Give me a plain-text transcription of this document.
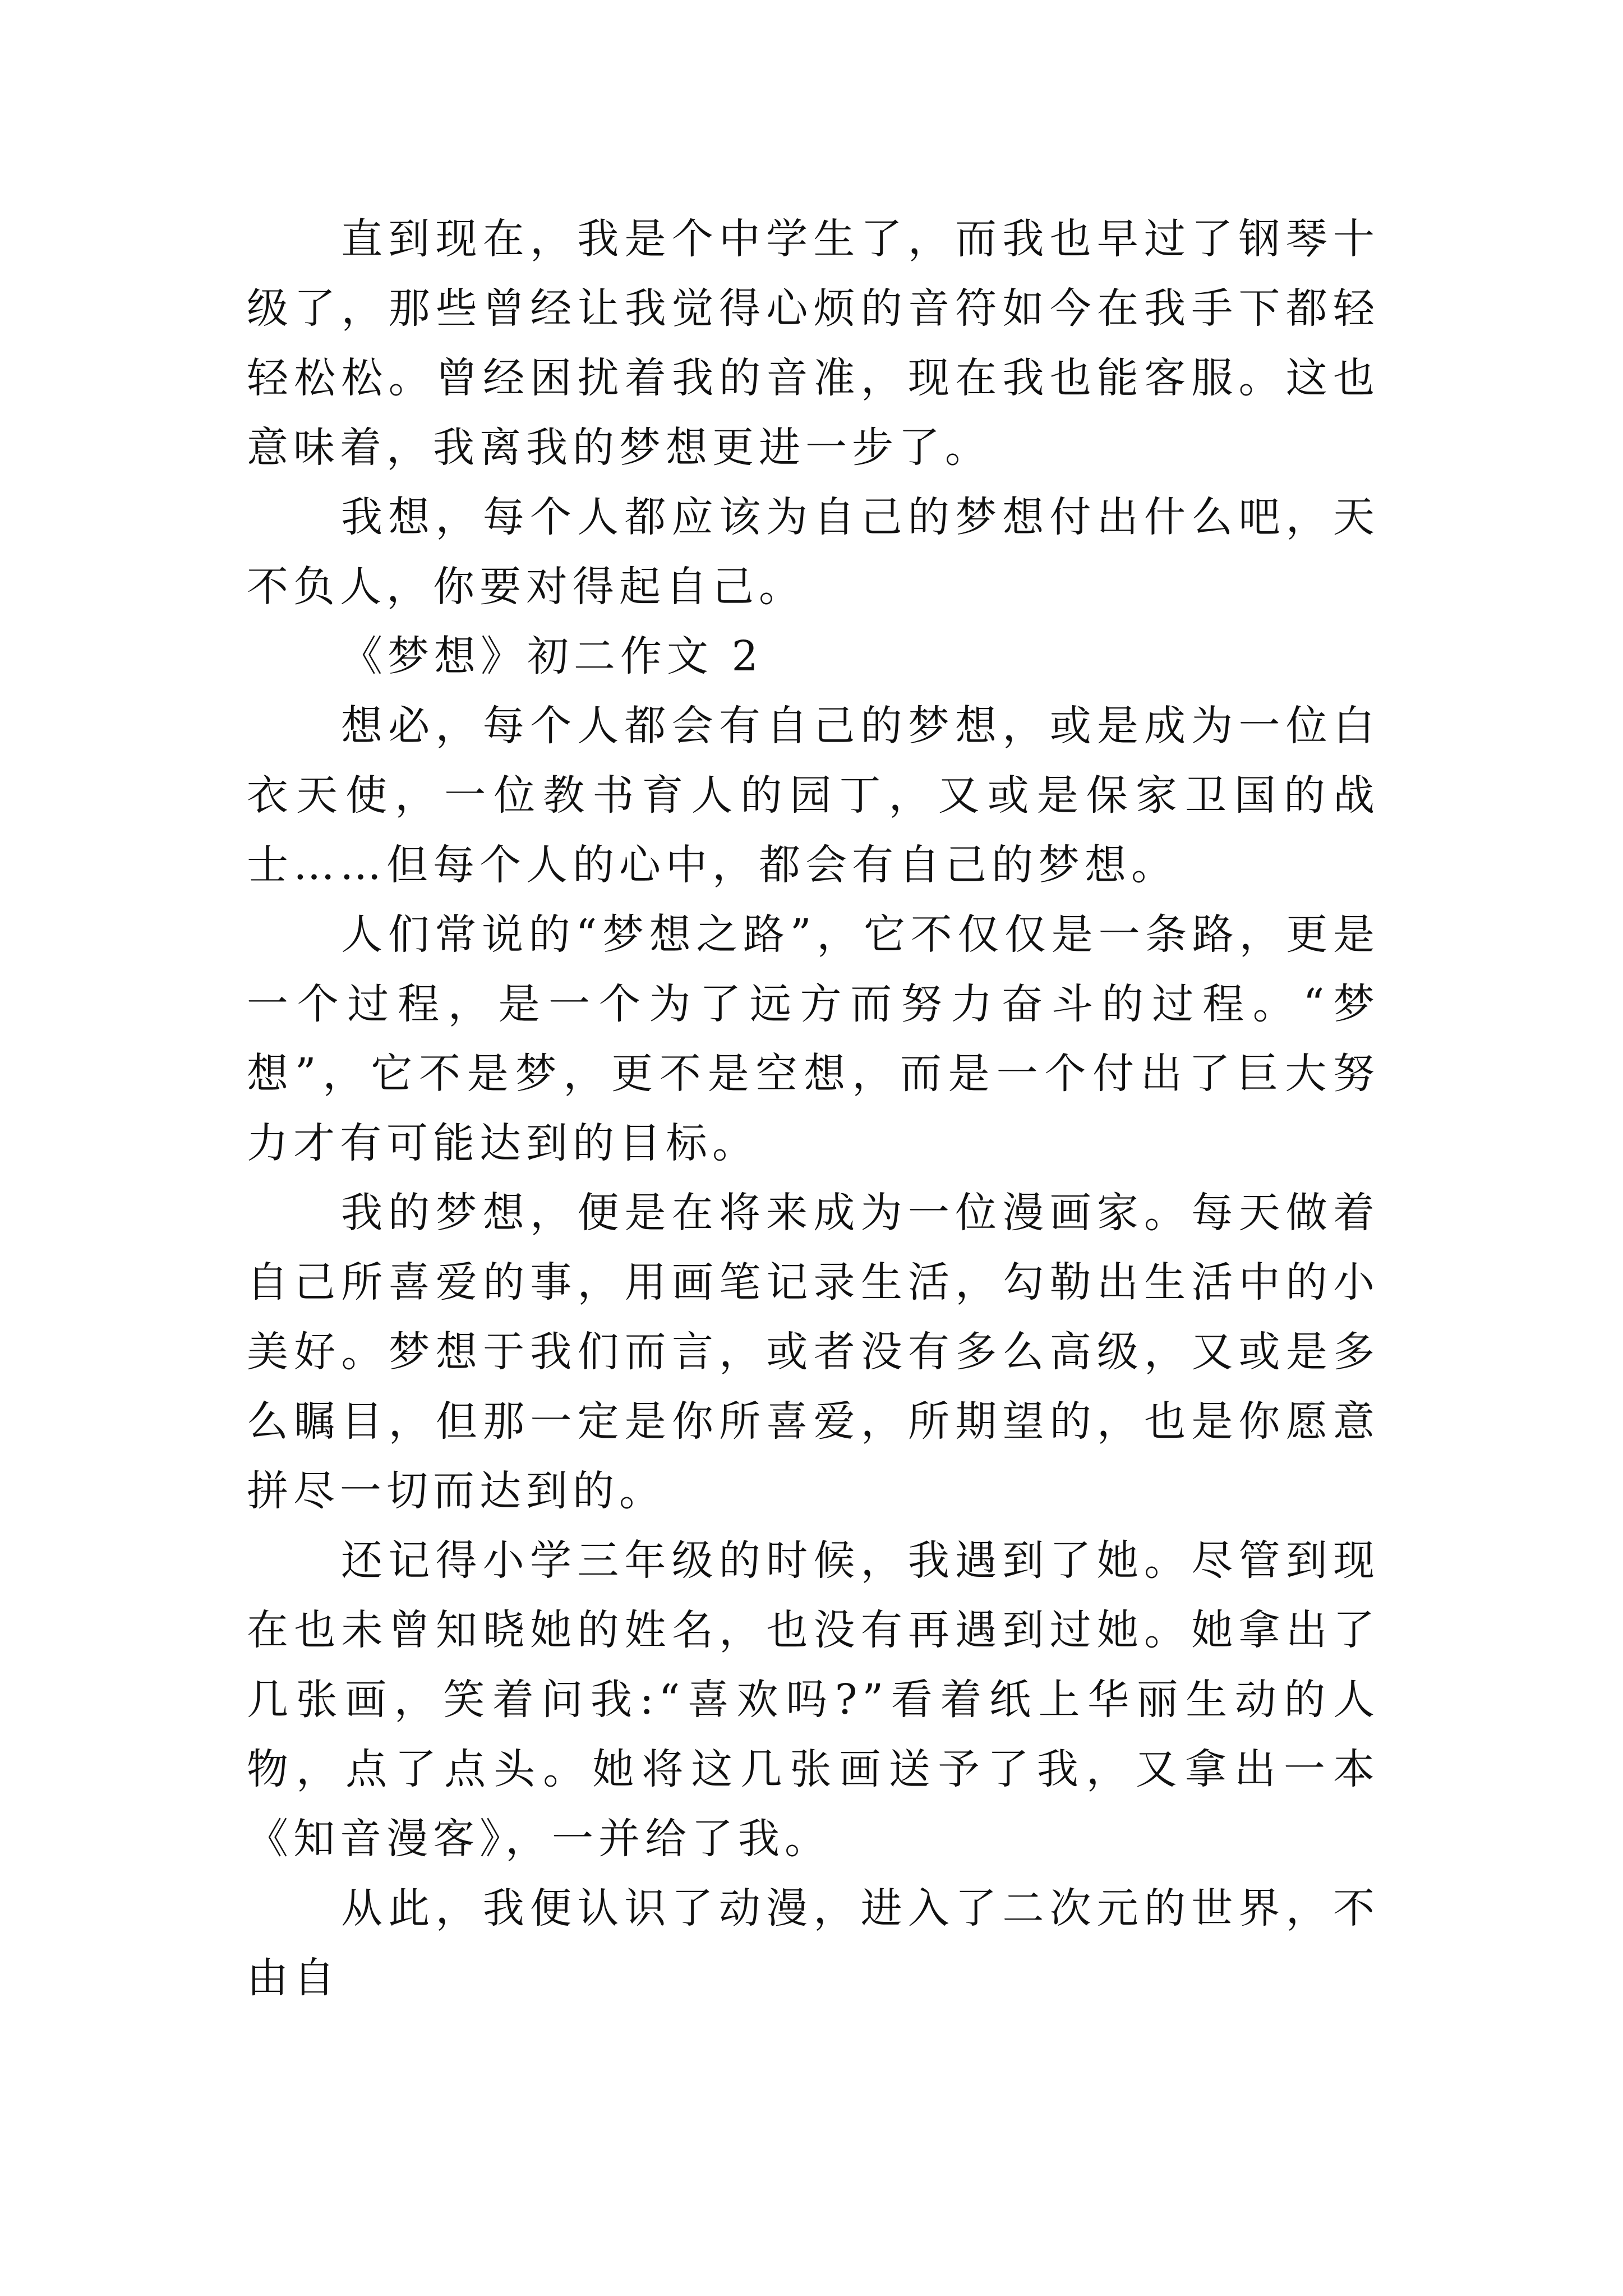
直到现在，我是个中学生了，而我也早过了钢琴十级了，那些曾经让我觉得心烦的音符如今在我手下都轻轻松松。曾经困扰着我的音准，现在我也能客服。这也意味着，我离我的梦想更进一步了。

我想，每个人都应该为自己的梦想付出什么吧，天不负人，你要对得起自己。

《梦想》初二作文 2

想必，每个人都会有自己的梦想，或是成为一位白衣天使，一位教书育人的园丁，又或是保家卫国的战士……但每个人的心中，都会有自己的梦想。

人们常说的“梦想之路”，它不仅仅是一条路，更是一个过程，是一个为了远方而努力奋斗的过程。“梦想”，它不是梦，更不是空想，而是一个付出了巨大努力才有可能达到的目标。

我的梦想，便是在将来成为一位漫画家。每天做着自己所喜爱的事，用画笔记录生活，勾勒出生活中的小美好。梦想于我们而言，或者没有多么高级，又或是多么瞩目，但那一定是你所喜爱，所期望的，也是你愿意拼尽一切而达到的。

还记得小学三年级的时候，我遇到了她。尽管到现在也未曾知晓她的姓名，也没有再遇到过她。她拿出了几张画，笑着问我:“喜欢吗?”看着纸上华丽生动的人物，点了点头。她将这几张画送予了我，又拿出一本《知音漫客》，一并给了我。

从此，我便认识了动漫，进入了二次元的世界，不由自
